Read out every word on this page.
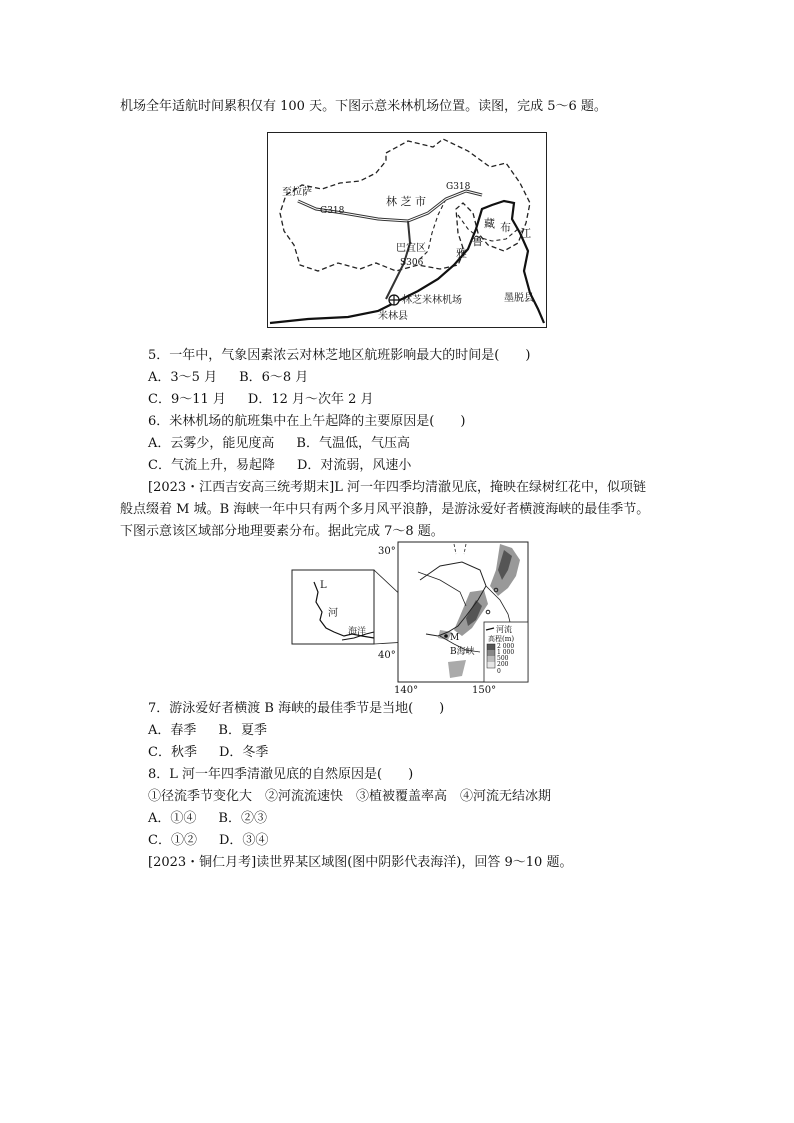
机场全年适航时间累积仅有 100 天。下图示意米林机场位置。读图，完成 5～6 题。
至拉萨
G318
G318
林 芝 市
巴宜区
S306
藏 布 江
雅
鲁
林芝米林机场
米林县
墨脱县
5．一年中，气象因素浓云对林芝地区航班影响最大的时间是(　　)
A．3～5 月 B．6～8 月
C．9～11 月 D．12 月～次年 2 月
6．米林机场的航班集中在上午起降的主要原因是(　　)
A．云雾少，能见度高 B．气温低，气压高
C．气流上升，易起降 D．对流弱，风速小
[2023・江西吉安高三统考期末]L 河一年四季均清澈见底，掩映在绿树红花中，似项链
般点缀着 M 城。B 海峡一年中只有两个多月风平浪静，是游泳爱好者横渡海峡的最佳季节。
下图示意该区域部分地理要素分布。据此完成 7～8 题。
L
河
海洋
30°
40°
140°	150°
M
B海峡
河流
高程(m)
2 000
1 000
500
200
0
7．游泳爱好者横渡 B 海峡的最佳季节是当地(　　)
A．春季 B．夏季
C．秋季 D．冬季
8．L 河一年四季清澈见底的自然原因是(　　)
①径流季节变化大　②河流流速快　③植被覆盖率高　④河流无结冰期
A．①④ B．②③
C．①② D．③④
[2023・铜仁月考]读世界某区域图(图中阴影代表海洋)，回答 9～10 题。
